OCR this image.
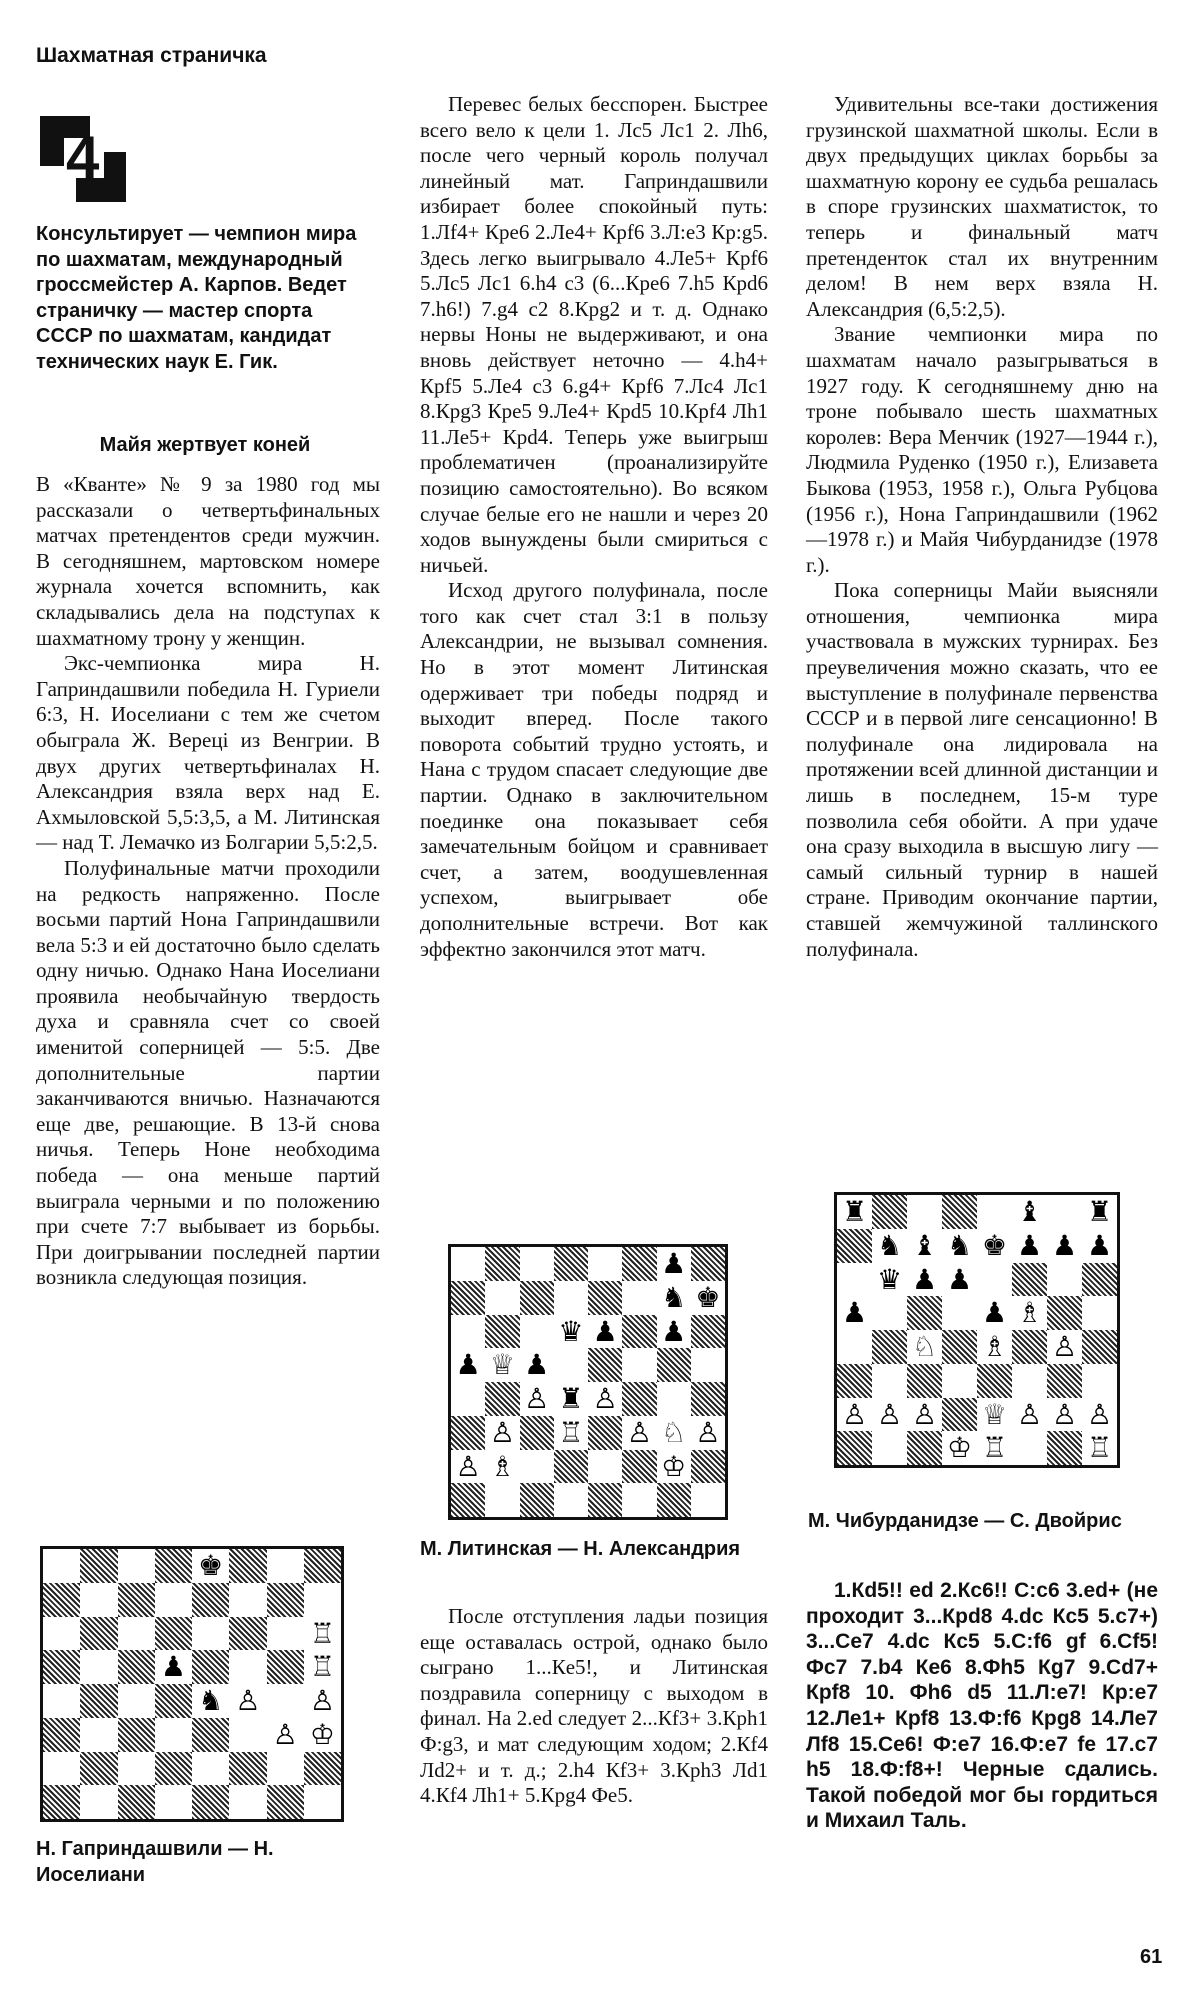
Шахматная страничка
4
Консультирует — чемпион мира по шахматам, международный гроссмейстер А. Карпов. Ведет страничку — мастер спорта СССР по шахматам, кандидат технических наук Е. Гик.
Майя жертвует коней

В «Кванте» № 9 за 1980 год мы рассказали о четвертьфинальных матчах претендентов среди мужчин. В сегодняшнем, мартовском номере журнала хочется вспомнить, как складывались дела на подступах к шахматному трону у женщин.

Экс-чемпионка мира Н. Гаприндашвили победила Н. Гуриели 6:3, Н. Иоселиани с тем же счетом обыграла Ж. Верецi из Венгрии. В двух других четвертьфиналах Н. Александрия взяла верх над Е. Ахмыловской 5,5:3,5, а М. Литинская — над Т. Лемачко из Болгарии 5,5:2,5.

Полуфинальные матчи проходили на редкость напряженно. После восьми партий Нона Гаприндашвили вела 5:3 и ей достаточно было сделать одну ничью. Однако Нана Иоселиани проявила необычайную твердость духа и сравняла счет со своей именитой соперницей — 5:5. Две дополнительные партии заканчиваются вничью. Назначаются еще две, решающие. В 13-й снова ничья. Теперь Ноне необходима победа — она меньше партий выиграла черными и по положению при счете 7:7 выбывает из борьбы. При доигрывании последней партии возникла следующая позиция.

♚
♖
♟	♖
♞ ♙ ♙
♙ ♔
Н. Гаприндашвили — Н. Иоселиани

Перевес белых бесспорен. Быстрее всего вело к цели 1. Лс5 Лс1 2. Лh6, после чего черный король получал линейный мат. Гаприндашвили избирает более спокойный путь: 1.Лf4+ Крe6 2.Лe4+ Кpf6 3.Л:e3 Кp:g5. Здесь легко выигрывало 4.Лe5+ Кpf6 5.Лc5 Лc1 6.h4 c3 (6...Кpe6 7.h5 Кpd6 7.h6!) 7.g4 c2 8.Кpg2 и т. д. Однако нервы Ноны не выдерживают, и она вновь действует неточно — 4.h4+ Кpf5 5.Лe4 c3 6.g4+ Кpf6 7.Лc4 Лc1 8.Кpg3 Кpe5 9.Лe4+ Кpd5 10.Кpf4 Лh1 11.Лe5+ Кpd4. Теперь уже выигрыш проблематичен (проанализируйте позицию самостоятельно). Во всяком случае белые его не нашли и через 20 ходов вынуждены были смириться с ничьей.

Исход другого полуфинала, после того как счет стал 3:1 в пользу Александрии, не вызывал сомнения. Но в этот момент Литинская одерживает три победы подряд и выходит вперед. После такого поворота событий трудно устоять, и Нана с трудом спасает следующие две партии. Однако в заключительном поединке она показывает себя замечательным бойцом и сравнивает счет, а затем, воодушевленная успехом, выигрывает обе дополнительные встречи. Вот как эффектно закончился этот матч.

♟
♞ ♚
♛ ♟ ♟
♟ ♕ ♟
♙ ♜ ♙
♙ ♖ ♙ ♘ ♙
♙ ♗	♔
М. Литинская — Н. Александрия

После отступления ладьи позиция еще оставалась острой, однако было сыграно 1...Кe5!, и Литинская поздравила соперницу с выходом в финал. На 2.ed следует 2...Кf3+ 3.Кph1 Ф:g3, и мат следующим ходом; 2.Кf4 Лd2+ и т. д.; 2.h4 Кf3+ 3.Кph3 Лd1 4.Кf4 Лh1+ 5.Кpg4 Фe5.

Удивительны все-таки достижения грузинской шахматной школы. Если в двух предыдущих циклах борьбы за шахматную корону ее судьба решалась в споре грузинских шахматисток, то теперь и финальный матч претенденток стал их внутренним делом! В нем верх взяла Н. Александрия (6,5:2,5).

Звание чемпионки мира по шахматам начало разыгрываться в 1927 году. К сегодняшнему дню на троне побывало шесть шахматных королев: Вера Менчик (1927—1944 г.), Людмила Руденко (1950 г.), Елизавета Быкова (1953, 1958 г.), Ольга Рубцова (1956 г.), Нона Гаприндашвили (1962—1978 г.) и Майя Чибурданидзе (1978 г.).

Пока соперницы Майи выясняли отношения, чемпионка мира участвовала в мужских турнирах. Без преувеличения можно сказать, что ее выступление в полуфинале первенства СССР и в первой лиге сенсационно! В полуфинале она лидировала на протяжении всей длинной дистанции и лишь в последнем, 15-м туре позволила себя обойти. А при удаче она сразу выходила в высшую лигу — самый сильный турнир в нашей стране. Приводим окончание партии, ставшей жемчужиной таллинского полуфинала.

♜	♝ ♜
♞ ♝ ♞ ♚ ♟ ♟ ♟
♛ ♟ ♟
♟	♟ ♗
♘ ♗ ♙
♙ ♙ ♙ ♕ ♙ ♙ ♙
♔ ♖	♖
М. Чибурданидзе — С. Двойрис

1.Кd5!! ed 2.Кc6!! С:c6 3.ed+ (не проходит 3...Кpd8 4.dc Кc5 5.c7+) 3...Сe7 4.dc Кc5 5.С:f6 gf 6.Сf5! Фc7 7.b4 Кe6 8.Фh5 Кg7 9.Сd7+ Кpf8 10. Фh6 d5 11.Л:e7! Кp:e7 12.Лe1+ Кpf8 13.Ф:f6 Кpg8 14.Лe7 Лf8 15.Сe6! Ф:e7 16.Ф:e7 fe 17.c7 h5 18.Ф:f8+! Черные сдались. Такой победой мог бы гордиться и Михаил Таль.

61
